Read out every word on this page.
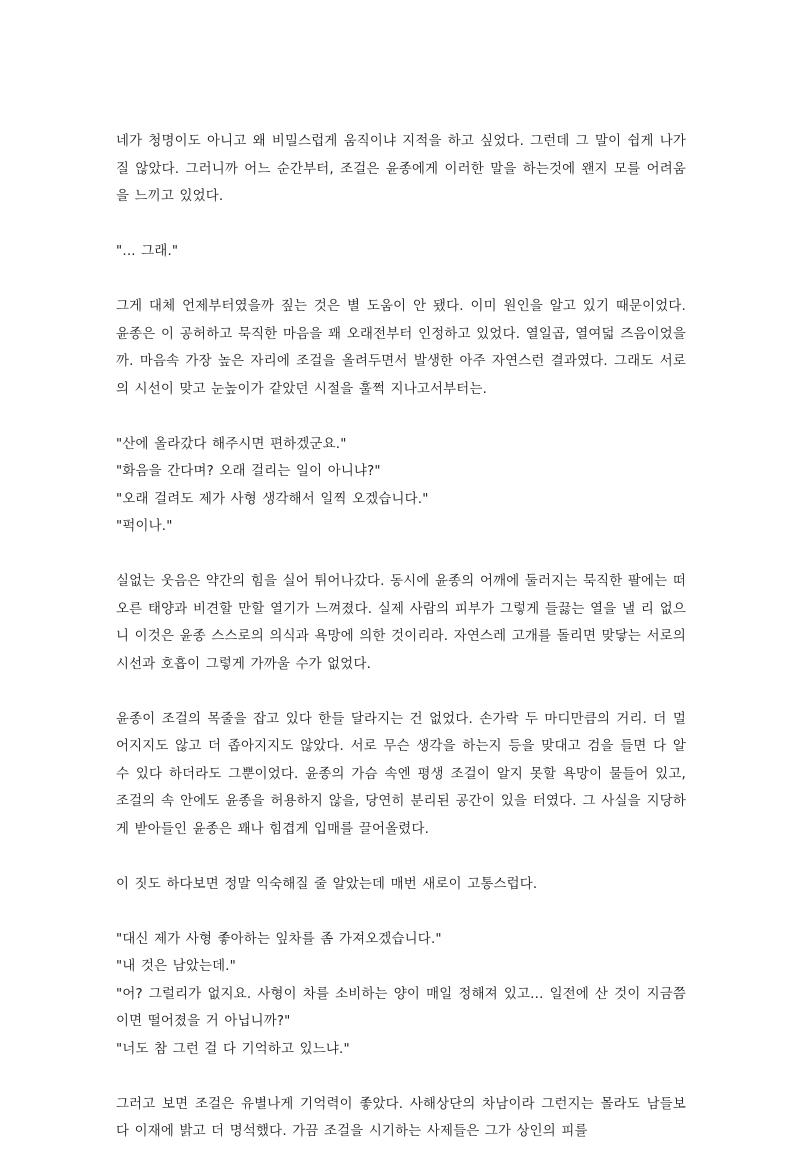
네가 청명이도 아니고 왜 비밀스럽게 움직이냐 지적을 하고 싶었다. 그런데 그 말이 쉽게 나가질 않았다. 그러니까 어느 순간부터, 조걸은 윤종에게 이러한 말을 하는것에 왠지 모를 어려움을 느끼고 있었다.

"... 그래."

그게 대체 언제부터였을까 짚는 것은 별 도움이 안 됐다. 이미 원인을 알고 있기 때문이었다. 윤종은 이 공허하고 묵직한 마음을 꽤 오래전부터 인정하고 있었다. 열일곱, 열여덟 즈음이었을까. 마음속 가장 높은 자리에 조걸을 올려두면서 발생한 아주 자연스런 결과였다. 그래도 서로의 시선이 맞고 눈높이가 같았던 시절을 훌쩍 지나고서부터는.

"산에 올라갔다 해주시면 편하겠군요."

"화음을 간다며? 오래 걸리는 일이 아니냐?"

"오래 걸려도 제가 사형 생각해서 일찍 오겠습니다."

"퍽이나."

실없는 웃음은 약간의 힘을 실어 튀어나갔다. 동시에 윤종의 어깨에 둘러지는 묵직한 팔에는 떠오른 태양과 비견할 만할 열기가 느껴졌다. 실제 사람의 피부가 그렇게 들끓는 열을 낼 리 없으니 이것은 윤종 스스로의 의식과 욕망에 의한 것이리라. 자연스레 고개를 돌리면 맞닿는 서로의 시선과 호흡이 그렇게 가까울 수가 없었다.

윤종이 조걸의 목줄을 잡고 있다 한들 달라지는 건 없었다. 손가락 두 마디만큼의 거리. 더 멀어지지도 않고 더 좁아지지도 않았다. 서로 무슨 생각을 하는지 등을 맞대고 검을 들면 다 알 수 있다 하더라도 그뿐이었다. 윤종의 가슴 속엔 평생 조걸이 알지 못할 욕망이 물들어 있고, 조걸의 속 안에도 윤종을 허용하지 않을, 당연히 분리된 공간이 있을 터였다. 그 사실을 지당하게 받아들인 윤종은 꽤나 힘겹게 입매를 끌어올렸다.

이 짓도 하다보면 정말 익숙해질 줄 알았는데 매번 새로이 고통스럽다.

"대신 제가 사형 좋아하는 잎차를 좀 가져오겠습니다."

"내 것은 남았는데."

"어? 그럴리가 없지요. 사형이 차를 소비하는 양이 매일 정해져 있고... 일전에 산 것이 지금쯤이면 떨어졌을 거 아닙니까?"

"너도 참 그런 걸 다 기억하고 있느냐."

그러고 보면 조걸은 유별나게 기억력이 좋았다. 사해상단의 차남이라 그런지는 몰라도 남들보다 이재에 밝고 더 명석했다. 가끔 조걸을 시기하는 사제들은 그가 상인의 피를
